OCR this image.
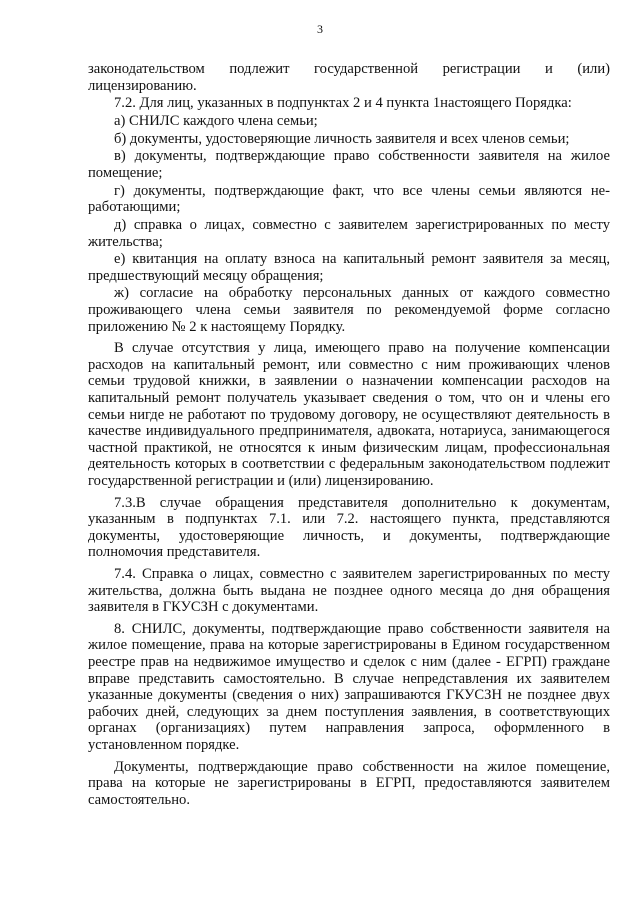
3

законодательством подлежит государственной регистрации и (или) лицензированию.

7.2. Для лиц, указанных в подпунктах 2 и 4 пункта 1настоящего Порядка:

а) СНИЛС каждого члена семьи;

б) документы, удостоверяющие личность заявителя и всех членов семьи;

в) документы, подтверждающие право собственности заявителя на жилое помещение;

г) документы, подтверждающие факт, что все члены семьи являются неработающими;

д) справка о лицах, совместно с заявителем зарегистрированных по месту жительства;

е) квитанция на оплату взноса на капитальный ремонт заявителя за месяц, предшествующий месяцу обращения;

ж) согласие на обработку персональных данных от каждого совместно проживающего члена семьи заявителя по рекомендуемой форме согласно приложению № 2 к настоящему Порядку.

В случае отсутствия у лица, имеющего право на получение компенсации расходов на капитальный ремонт, или совместно с ним проживающих членов семьи трудовой книжки, в заявлении о назначении компенсации расходов на капитальный ремонт получатель указывает сведения о том, что он и члены его семьи нигде не работают по трудовому договору, не осуществляют деятельность в качестве индивидуального предпринимателя, адвоката, нотариуса, занимающегося частной практикой, не относятся к иным физическим лицам, профессиональная деятельность которых в соответствии с федеральным законодательством подлежит государственной регистрации и (или) лицензированию.

7.3.В случае обращения представителя дополнительно к документам, указанным в подпунктах 7.1. или 7.2. настоящего пункта, представляются документы, удостоверяющие личность, и документы, подтверждающие полномочия представителя.

7.4. Справка о лицах, совместно с заявителем зарегистрированных по месту жительства, должна быть выдана не позднее одного месяца до дня обращения заявителя в ГКУСЗН с документами.

8. СНИЛС, документы, подтверждающие право собственности заявителя на жилое помещение, права на которые зарегистрированы в Едином государственном реестре прав на недвижимое имущество и сделок с ним (далее - ЕГРП) граждане вправе представить самостоятельно. В случае непредставления их заявителем указанные документы (сведения о них) запрашиваются ГКУСЗН не позднее двух рабочих дней, следующих за днем поступления заявления, в соответствующих органах (организациях) путем направления запроса, оформленного в установленном порядке.

Документы, подтверждающие право собственности на жилое помещение, права на которые не зарегистрированы в ЕГРП, предоставляются заявителем самостоятельно.
